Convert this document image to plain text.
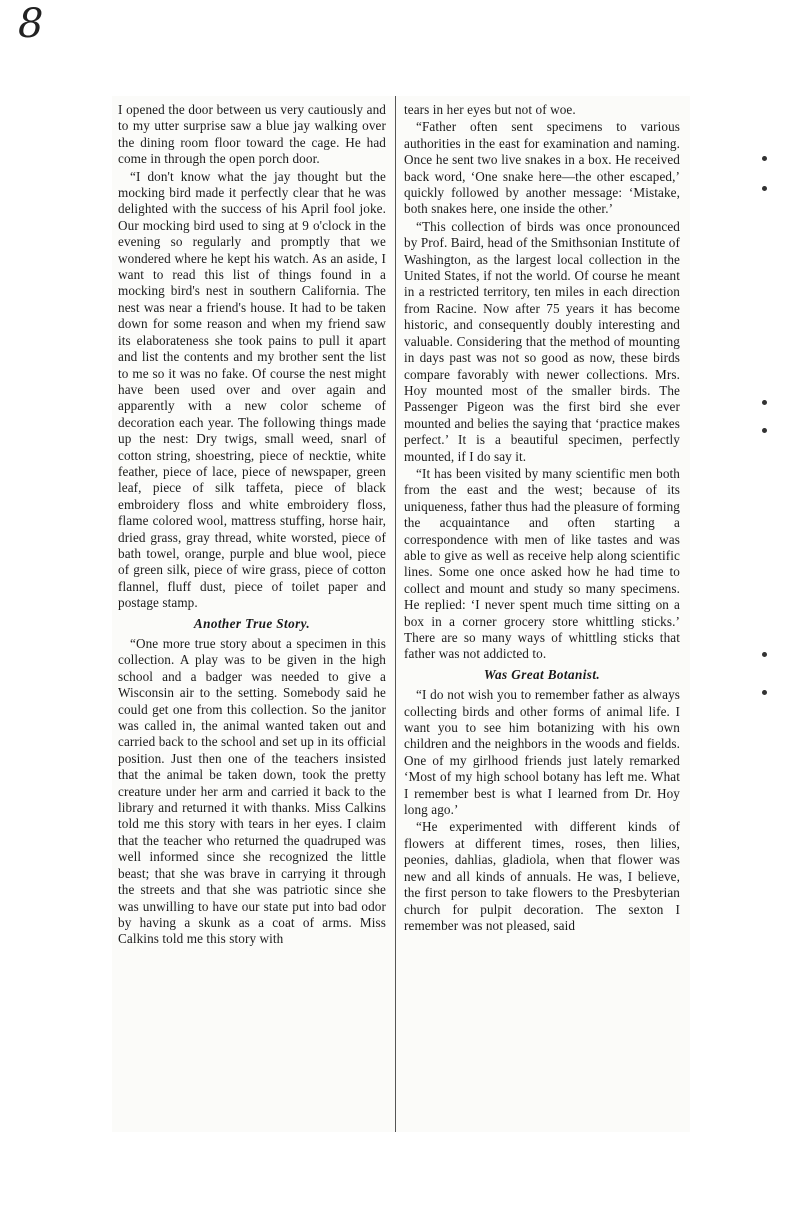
8

I opened the door between us very cautiously and to my utter surprise saw a blue jay walking over the dining room floor toward the cage. He had come in through the open porch door.

“I don't know what the jay thought but the mocking bird made it perfectly clear that he was delighted with the success of his April fool joke. Our mocking bird used to sing at 9 o'clock in the evening so regularly and promptly that we wondered where he kept his watch. As an aside, I want to read this list of things found in a mocking bird's nest in southern California. The nest was near a friend's house. It had to be taken down for some reason and when my friend saw its elaborateness she took pains to pull it apart and list the contents and my brother sent the list to me so it was no fake. Of course the nest might have been used over and over again and apparently with a new color scheme of decoration each year. The following things made up the nest: Dry twigs, small weed, snarl of cotton string, shoestring, piece of necktie, white feather, piece of lace, piece of newspaper, green leaf, piece of silk taffeta, piece of black embroidery floss and white embroidery floss, flame colored wool, mattress stuffing, horse hair, dried grass, gray thread, white worsted, piece of bath towel, orange, purple and blue wool, piece of green silk, piece of wire grass, piece of cotton flannel, fluff dust, piece of toilet paper and postage stamp.

Another True Story.

“One more true story about a specimen in this collection. A play was to be given in the high school and a badger was needed to give a Wisconsin air to the setting. Somebody said he could get one from this collection. So the janitor was called in, the animal wanted taken out and carried back to the school and set up in its official position. Just then one of the teachers insisted that the animal be taken down, took the pretty creature under her arm and carried it back to the library and returned it with thanks. Miss Calkins told me this story with tears in her eyes. I claim that the teacher who returned the quadruped was well informed since she recognized the little beast; that she was brave in carrying it through the streets and that she was patriotic since she was unwilling to have our state put into bad odor by having a skunk as a coat of arms. Miss Calkins told me this story with

tears in her eyes but not of woe.

“Father often sent specimens to various authorities in the east for examination and naming. Once he sent two live snakes in a box. He received back word, ‘One snake here—the other escaped,’ quickly followed by another message: ‘Mistake, both snakes here, one inside the other.’

“This collection of birds was once pronounced by Prof. Baird, head of the Smithsonian Institute of Washington, as the largest local collection in the United States, if not the world. Of course he meant in a restricted territory, ten miles in each direction from Racine. Now after 75 years it has become historic, and consequently doubly interesting and valuable. Considering that the method of mounting in days past was not so good as now, these birds compare favorably with newer collections. Mrs. Hoy mounted most of the smaller birds. The Passenger Pigeon was the first bird she ever mounted and belies the saying that ‘practice makes perfect.’ It is a beautiful specimen, perfectly mounted, if I do say it.

“It has been visited by many scientific men both from the east and the west; because of its uniqueness, father thus had the pleasure of forming the acquaintance and often starting a correspondence with men of like tastes and was able to give as well as receive help along scientific lines. Some one once asked how he had time to collect and mount and study so many specimens. He replied: ‘I never spent much time sitting on a box in a corner grocery store whittling sticks.’ There are so many ways of whittling sticks that father was not addicted to.

Was Great Botanist.

“I do not wish you to remember father as always collecting birds and other forms of animal life. I want you to see him botanizing with his own children and the neighbors in the woods and fields. One of my girlhood friends just lately remarked ‘Most of my high school botany has left me. What I remember best is what I learned from Dr. Hoy long ago.’

“He experimented with different kinds of flowers at different times, roses, then lilies, peonies, dahlias, gladiola, when that flower was new and all kinds of annuals. He was, I believe, the first person to take flowers to the Presbyterian church for pulpit decoration. The sexton I remember was not pleased, said
